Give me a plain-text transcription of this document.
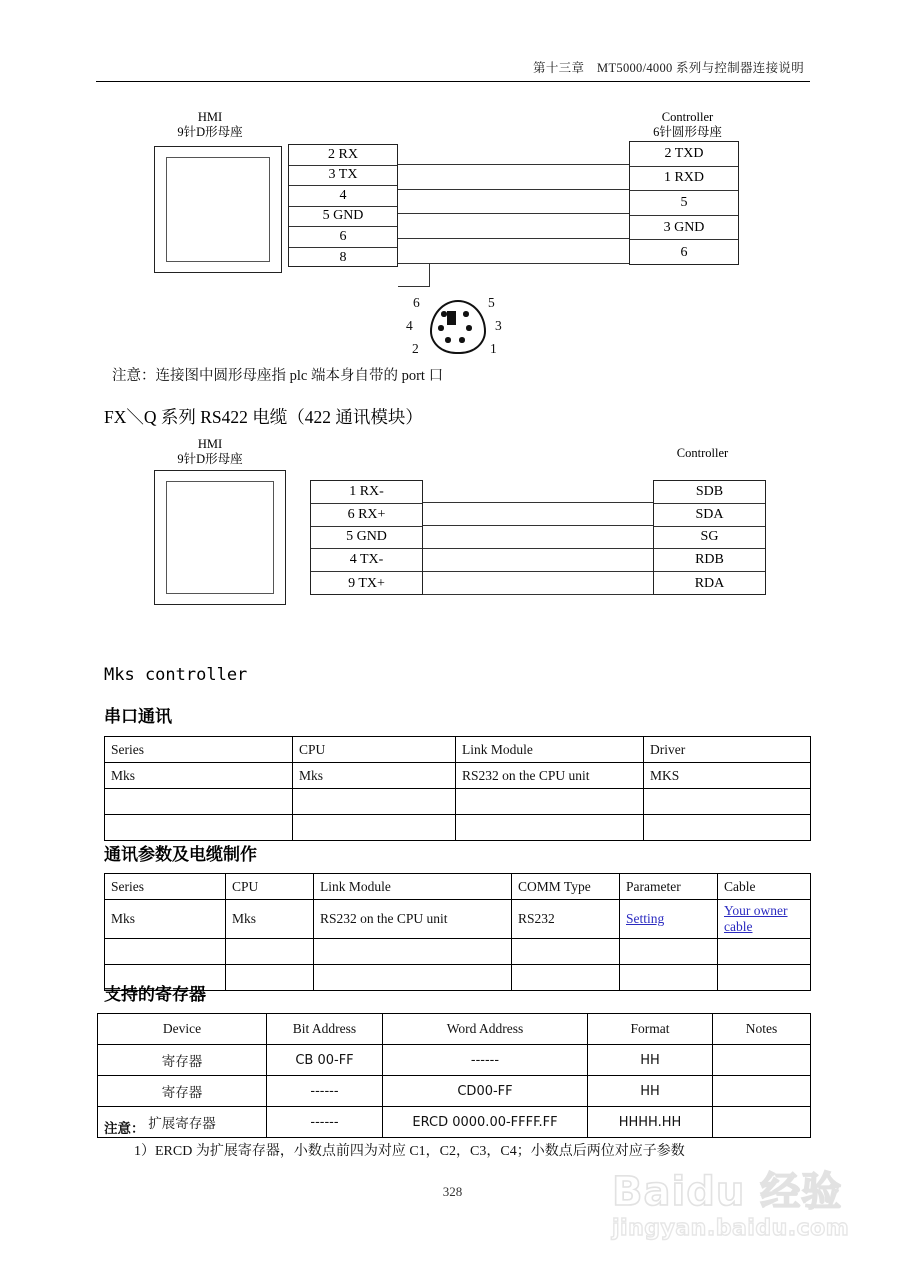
第十三章　MT5000/4000 系列与控制器连接说明
HMI
9针D形母座
Controller
6针圆形母座
2 RX
3 TX
4
5 GND
6
8
2 TXD
1 RXD
5
3 GND
6
6	5
4	3
2	1
注意：连接图中圆形母座指 plc 端本身自带的 port 口
FX＼Q 系列 RS422 电缆（422 通讯模块）
HMI
9针D形母座	Controller
1 RX-
6 RX+
5 GND
4 TX-
9 TX+
SDB
SDA
SG
RDB
RDA
Mks controller
串口通讯
Series	CPU	Link Module	Driver
Mks	Mks	RS232 on the CPU unit	MKS

通讯参数及电缆制作
Series	CPU	Link Module	COMM Type	Parameter	Cable
Mks	Mks	RS232 on the CPU unit	RS232	Setting	Your owner cable

支持的寄存器
Device	Bit Address	Word Address	Format	Notes
寄存器	CB 00-FF	------	HH	
寄存器	------	CD00-FF	HH	
扩展寄存器	------	ERCD 0000.00-FFFF.FF	HHHH.HH	
注意：
1）ERCD 为扩展寄存器，小数点前四为对应 C1，C2，C3，C4；小数点后两位对应子参数
328	Baidu 经验
jingyan.baidu.com
